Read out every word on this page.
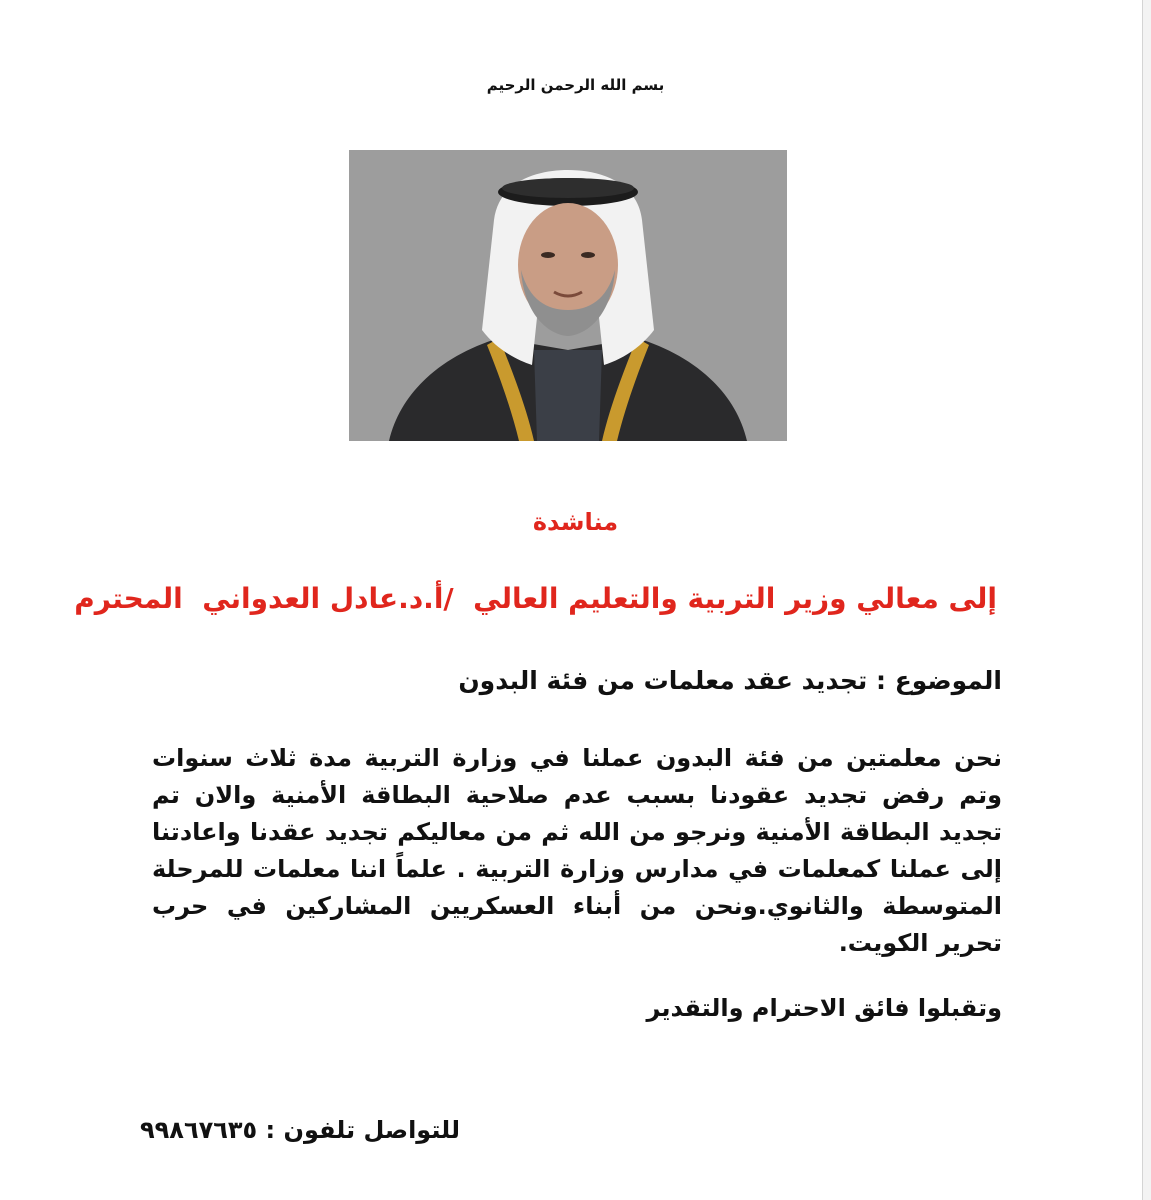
بسم الله الرحمن الرحيم
مناشدة
إلى معالي وزير التربية والتعليم العالي  /أ.د.عادل العدواني  المحترم
الموضوع : تجديد عقد معلمات من فئة البدون
نحن معلمتين من فئة البدون عملنا في وزارة التربية مدة ثلاث سنوات وتم رفض تجديد عقودنا بسبب عدم صلاحية البطاقة الأمنية والان تم تجديد البطاقة الأمنية ونرجو من الله ثم من معاليكم تجديد عقدنا واعادتنا إلى عملنا كمعلمات في مدارس وزارة التربية . علماً اننا معلمات للمرحلة المتوسطة والثانوي.ونحن من أبناء العسكريين المشاركين في حرب تحرير الكويت.
وتقبلوا فائق الاحترام والتقدير
للتواصل تلفون : ٩٩٨٦٧٦٣٥
